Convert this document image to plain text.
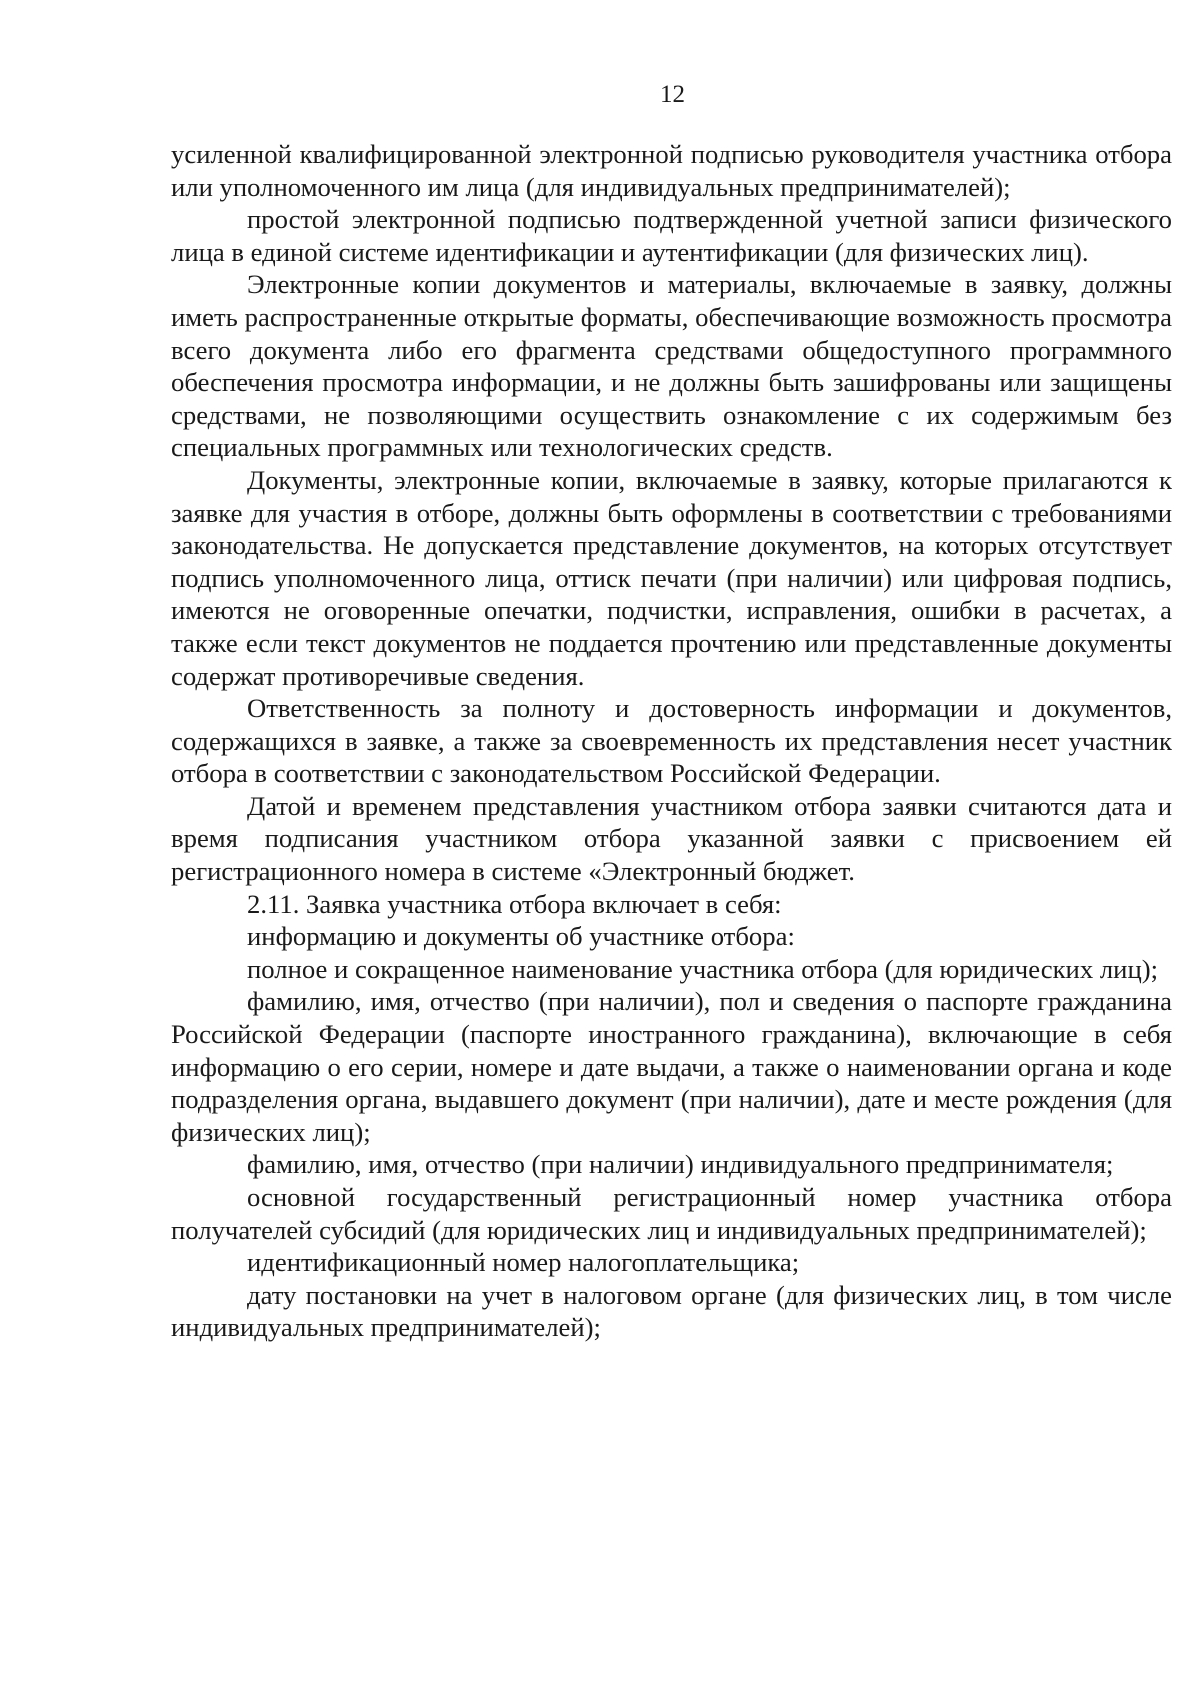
12

усиленной квалифицированной электронной подписью руководителя участника отбора или уполномоченного им лица (для индивидуальных предпринимателей);

простой электронной подписью подтвержденной учетной записи физического лица в единой системе идентификации и аутентификации (для физических лиц).

Электронные копии документов и материалы, включаемые в заявку, должны иметь распространенные открытые форматы, обеспечивающие возможность просмотра всего документа либо его фрагмента средствами общедоступного программного обеспечения просмотра информации, и не должны быть зашифрованы или защищены средствами, не позволяющими осуществить ознакомление с их содержимым без специальных программных или технологических средств.

Документы, электронные копии, включаемые в заявку, которые прилагаются к заявке для участия в отборе, должны быть оформлены в соответствии с требованиями законодательства. Не допускается представление документов, на которых отсутствует подпись уполномоченного лица, оттиск печати (при наличии) или цифровая подпись, имеются не оговоренные опечатки, подчистки, исправления, ошибки в расчетах, а также если текст документов не поддается прочтению или представленные документы содержат противоречивые сведения.

Ответственность за полноту и достоверность информации и документов, содержащихся в заявке, а также за своевременность их представления несет участник отбора в соответствии с законодательством Российской Федерации.

Датой и временем представления участником отбора заявки считаются дата и время подписания участником отбора указанной заявки с присвоением ей регистрационного номера в системе «Электронный бюджет.

2.11. Заявка участника отбора включает в себя:

информацию и документы об участнике отбора:

полное и сокращенное наименование участника отбора (для юридических лиц);

фамилию, имя, отчество (при наличии), пол и сведения о паспорте гражданина Российской Федерации (паспорте иностранного гражданина), включающие в себя информацию о его серии, номере и дате выдачи, а также о наименовании органа и коде подразделения органа, выдавшего документ (при наличии), дате и месте рождения (для физических лиц);

фамилию, имя, отчество (при наличии) индивидуального предпринимателя;

основной государственный регистрационный номер участника отбора получателей субсидий (для юридических лиц и индивидуальных предпринимателей);

идентификационный номер налогоплательщика;

дату постановки на учет в налоговом органе (для физических лиц, в том числе индивидуальных предпринимателей);
